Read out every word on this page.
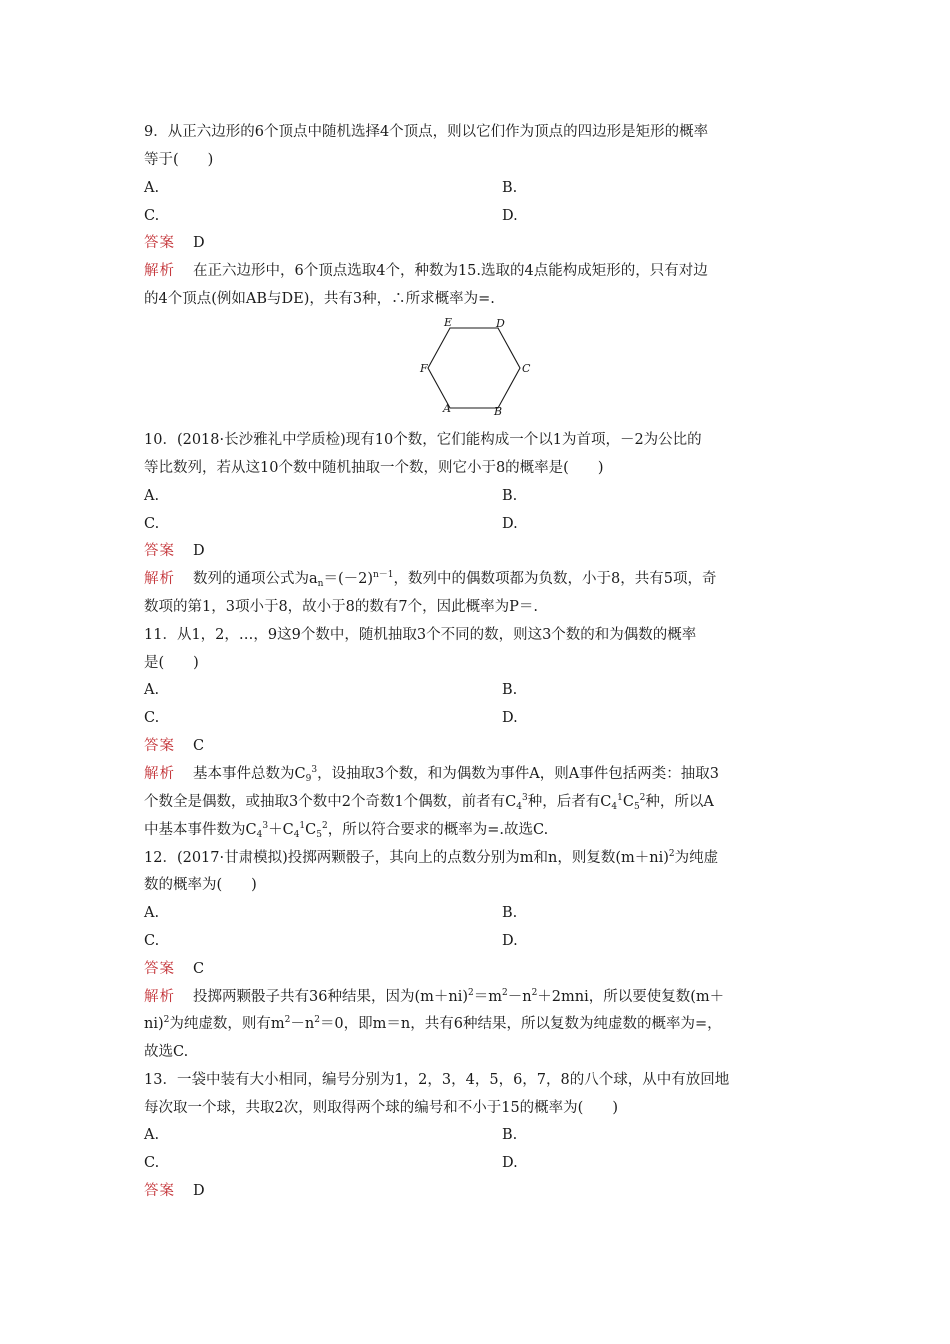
9．从正六边形的6个顶点中随机选择4个顶点，则以它们作为顶点的四边形是矩形的概率
等于(　　)
A.	B.
C.	D.
答案 D
解析 在正六边形中，6个顶点选取4个，种数为15.选取的4点能构成矩形的，只有对边
的4个顶点(例如AB与DE)，共有3种，∴所求概率为=.
E	D
F	C
A	B
10．(2018·长沙雅礼中学质检)现有10个数，它们能构成一个以1为首项，－2为公比的
等比数列，若从这10个数中随机抽取一个数，则它小于8的概率是(　　)
A.	B.
C.	D.
答案 D
解析 数列的通项公式为$a_n=(-2)^{n-1}$，数列中的偶数项都为负数，小于8，共有5项，奇
数项的第1，3项小于8，故小于8的数有7个，因此概率为P＝.
11．从1，2，…，9这9个数中，随机抽取3个不同的数，则这3个数的和为偶数的概率
是(　　)
A.	B.
C.	D.
答案 C
解析 基本事件总数为$C_9^3$，设抽取3个数，和为偶数为事件A，则A事件包括两类：抽取3
个数全是偶数，或抽取3个数中2个奇数1个偶数，前者有$C_4^3$种，后者有$C_4^1C_5^2$种，所以A
中基本事件数为$C_4^3+C_4^1C_5^2$，所以符合要求的概率为=.故选C.
12．(2017·甘肃模拟)投掷两颗骰子，其向上的点数分别为m和n，则复数$(m+ni)^2$为纯虚
数的概率为(　　)
A.	B.
C.	D.
答案 C
解析 投掷两颗骰子共有36种结果，因为$(m+ni)^2=m^2-n^2+2mni$，所以要使复数(m＋
ni)$^2$为纯虚数，则有$m^2-n^2=0$，即m＝n，共有6种结果，所以复数为纯虚数的概率为=，
故选C.
13．一袋中装有大小相同，编号分别为1，2，3，4，5，6，7，8的八个球，从中有放回地
每次取一个球，共取2次，则取得两个球的编号和不小于15的概率为(　　)
A.	B.
C.	D.
答案 D
